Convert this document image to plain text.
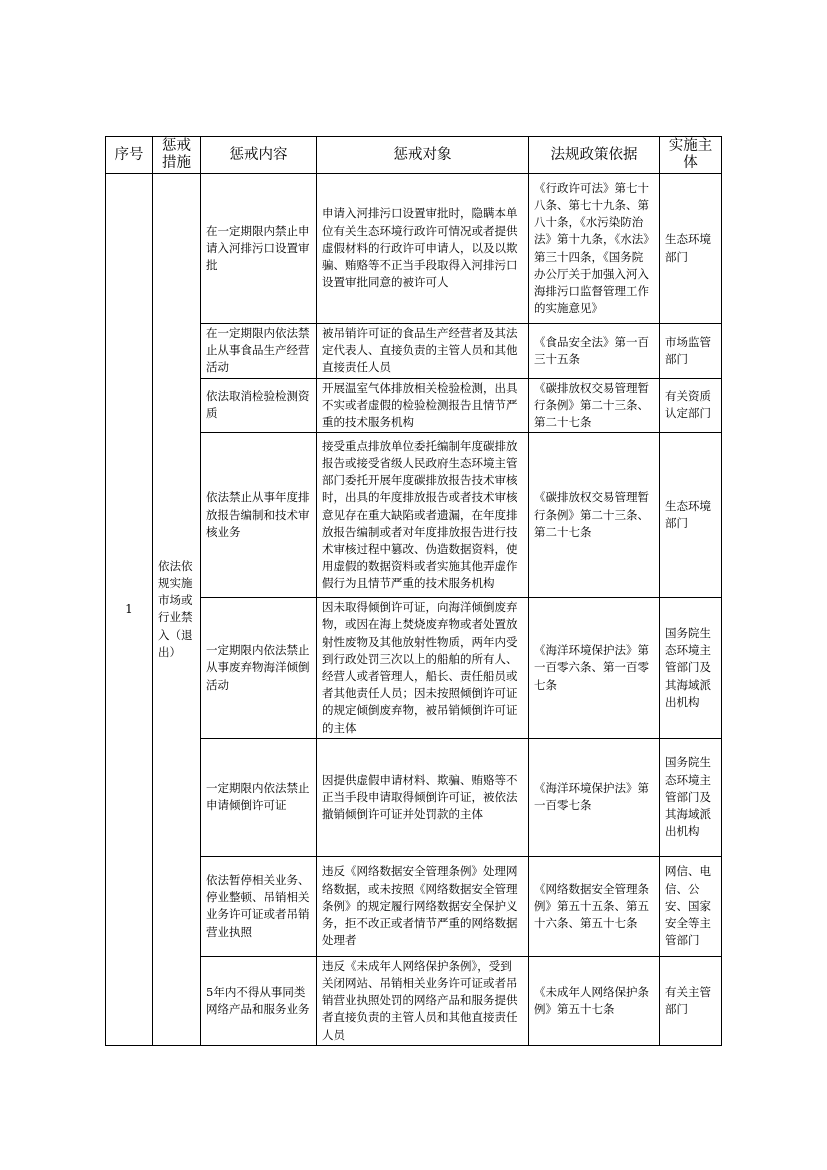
序号	惩戒措施	惩戒内容	惩戒对象	法规政策依据	实施主体
1	依法依规实施市场或行业禁入（退出）	在一定期限内禁止申请入河排污口设置审批	申请入河排污口设置审批时，隐瞒本单位有关生态环境行政许可情况或者提供虚假材料的行政许可申请人，以及以欺骗、贿赂等不正当手段取得入河排污口设置审批同意的被许可人	《行政许可法》第七十八条、第七十九条、第八十条，《水污染防治法》第十九条，《水法》第三十四条，《国务院办公厅关于加强入河入海排污口监督管理工作的实施意见》	生态环境部门
		在一定期限内依法禁止从事食品生产经营活动	被吊销许可证的食品生产经营者及其法定代表人、直接负责的主管人员和其他直接责任人员	《食品安全法》第一百三十五条	市场监管部门
		依法取消检验检测资质	开展温室气体排放相关检验检测，出具不实或者虚假的检验检测报告且情节严重的技术服务机构	《碳排放权交易管理暂行条例》第二十三条、第二十七条	有关资质认定部门
		依法禁止从事年度排放报告编制和技术审核业务	接受重点排放单位委托编制年度碳排放报告或接受省级人民政府生态环境主管部门委托开展年度碳排放报告技术审核时，出具的年度排放报告或者技术审核意见存在重大缺陷或者遗漏，在年度排放报告编制或者对年度排放报告进行技术审核过程中篡改、伪造数据资料，使用虚假的数据资料或者实施其他弄虚作假行为且情节严重的技术服务机构	《碳排放权交易管理暂行条例》第二十三条、第二十七条	生态环境部门
		一定期限内依法禁止从事废弃物海洋倾倒活动	因未取得倾倒许可证，向海洋倾倒废弃物，或因在海上焚烧废弃物或者处置放射性废物及其他放射性物质，两年内受到行政处罚三次以上的船舶的所有人、经营人或者管理人，船长、责任船员或者其他责任人员；因未按照倾倒许可证的规定倾倒废弃物，被吊销倾倒许可证的主体	《海洋环境保护法》第一百零六条、第一百零七条	国务院生态环境主管部门及其海域派出机构
		一定期限内依法禁止申请倾倒许可证	因提供虚假申请材料、欺骗、贿赂等不正当手段申请取得倾倒许可证，被依法撤销倾倒许可证并处罚款的主体	《海洋环境保护法》第一百零七条	国务院生态环境主管部门及其海域派出机构
		依法暂停相关业务、停业整顿、吊销相关业务许可证或者吊销营业执照	违反《网络数据安全管理条例》处理网络数据，或未按照《网络数据安全管理条例》的规定履行网络数据安全保护义务，拒不改正或者情节严重的网络数据处理者	《网络数据安全管理条例》第五十五条、第五十六条、第五十七条	网信、电信、公安、国家安全等主管部门
		5年内不得从事同类网络产品和服务业务	违反《未成年人网络保护条例》，受到关闭网站、吊销相关业务许可证或者吊销营业执照处罚的网络产品和服务提供者直接负责的主管人员和其他直接责任人员	《未成年人网络保护条例》第五十七条	有关主管部门
